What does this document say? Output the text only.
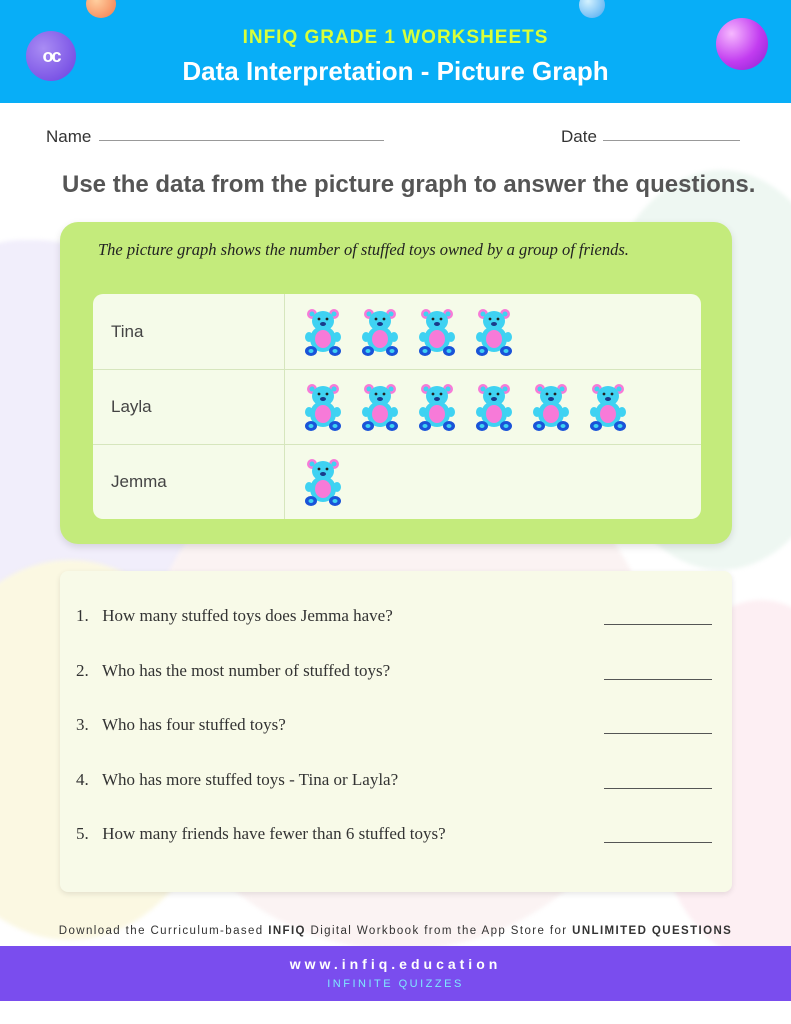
oc
INFIQ GRADE 1 WORKSHEETS
Data Interpretation - Picture Graph
Name	Date
Use the data from the picture graph to answer the questions.
The picture graph shows the number of stuffed toys owned by a group of friends.
Tina
Layla
Jemma
1. How many stuffed toys does Jemma have?
2. Who has the most number of stuffed toys?
3. Who has four stuffed toys?
4. Who has more stuffed toys - Tina or Layla?
5. How many friends have fewer than 6 stuffed toys?
Download the Curriculum-based INFIQ Digital Workbook from the App Store for UNLIMITED QUESTIONS
www.infiq.education
INFINITE QUIZZES
